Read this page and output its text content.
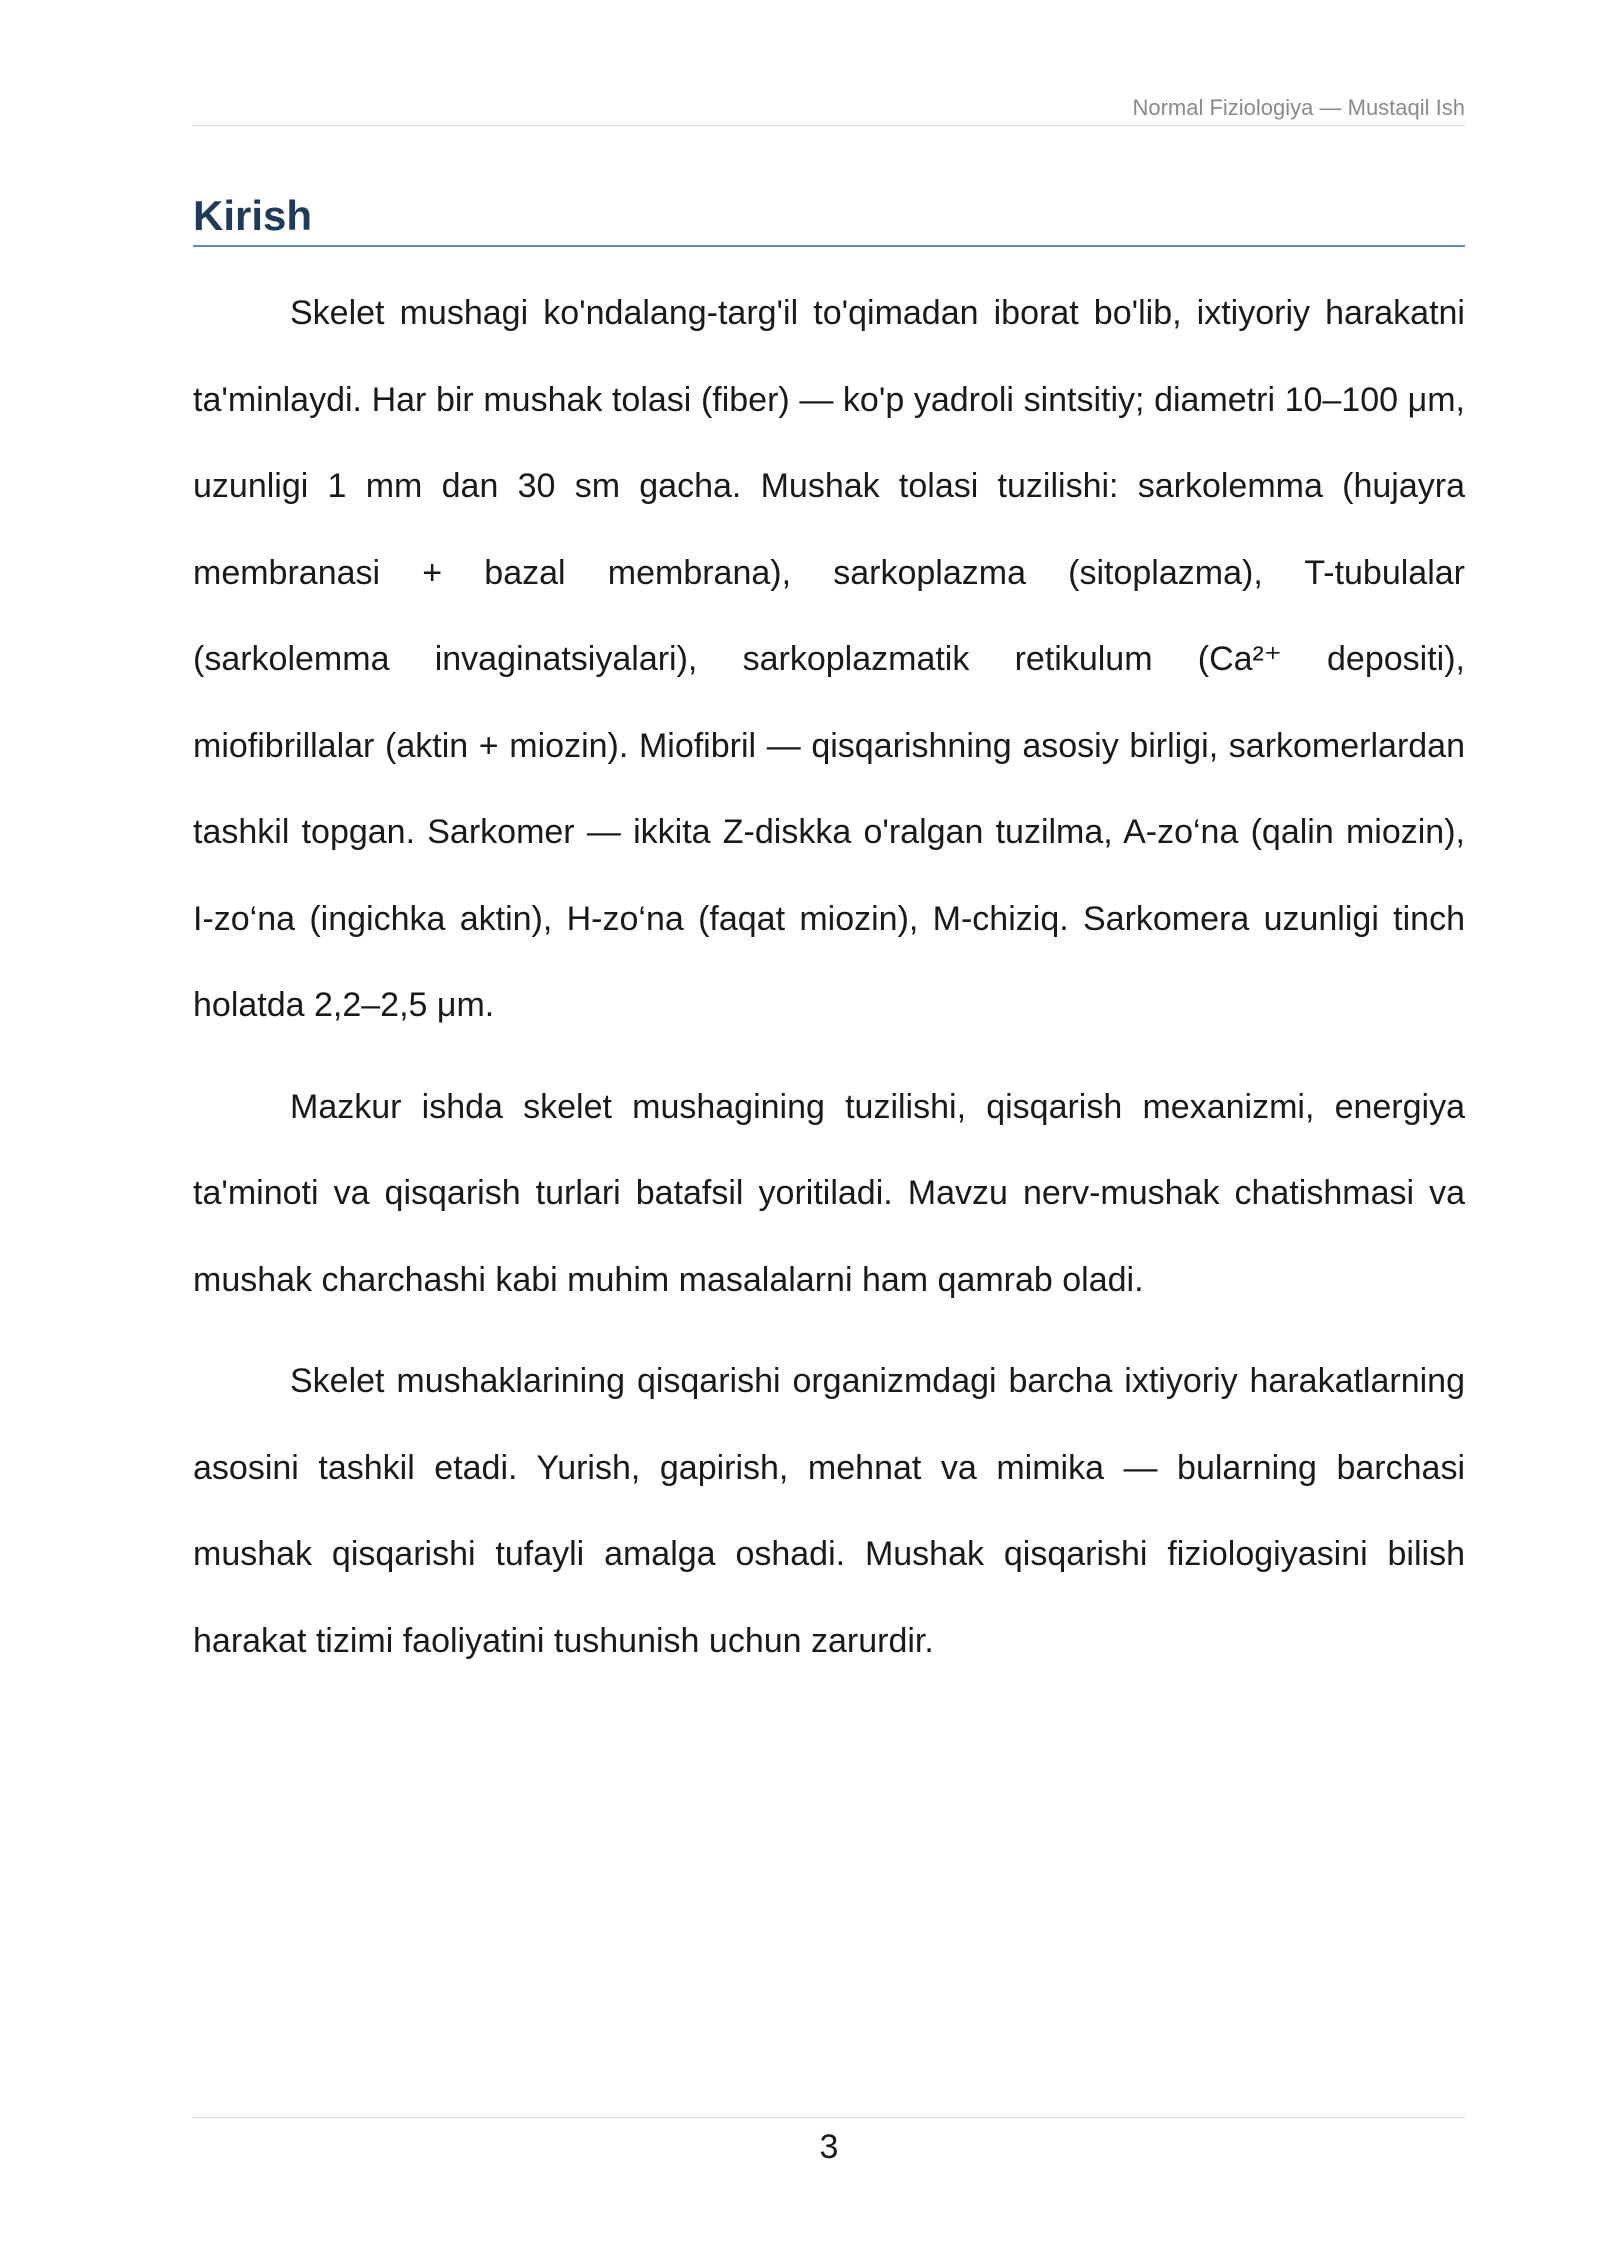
Normal Fiziologiya — Mustaqil Ish
Kirish

Skelet mushagi ko'ndalang-targ'il to'qimadan iborat bo'lib, ixtiyoriy harakatni ta'minlaydi. Har bir mushak tolasi (fiber) — ko'p yadroli sintsitiy; diametri 10–100 μm, uzunligi 1 mm dan 30 sm gacha. Mushak tolasi tuzilishi: sarkolemma (hujayra membranasi + bazal membrana), sarkoplazma (sitoplazma), T-tubulalar (sarkolemma invaginatsiyalari), sarkoplazmatik retikulum (Ca²⁺ depositi), miofibrillalar (aktin + miozin). Miofibril — qisqarishning asosiy birligi, sarkomerlardan tashkil topgan. Sarkomer — ikkita Z-diskka o'ralgan tuzilma, A-zo‘na (qalin miozin), I-zo‘na (ingichka aktin), H-zo‘na (faqat miozin), M-chiziq. Sarkomera uzunligi tinch holatda 2,2–2,5 μm.

Mazkur ishda skelet mushagining tuzilishi, qisqarish mexanizmi, energiya ta'minoti va qisqarish turlari batafsil yoritiladi. Mavzu nerv-mushak chatishmasi va mushak charchashi kabi muhim masalalarni ham qamrab oladi.

Skelet mushaklarining qisqarishi organizmdagi barcha ixtiyoriy harakatlarning asosini tashkil etadi. Yurish, gapirish, mehnat va mimika — bularning barchasi mushak qisqarishi tufayli amalga oshadi. Mushak qisqarishi fiziologiyasini bilish harakat tizimi faoliyatini tushunish uchun zarurdir.

3
